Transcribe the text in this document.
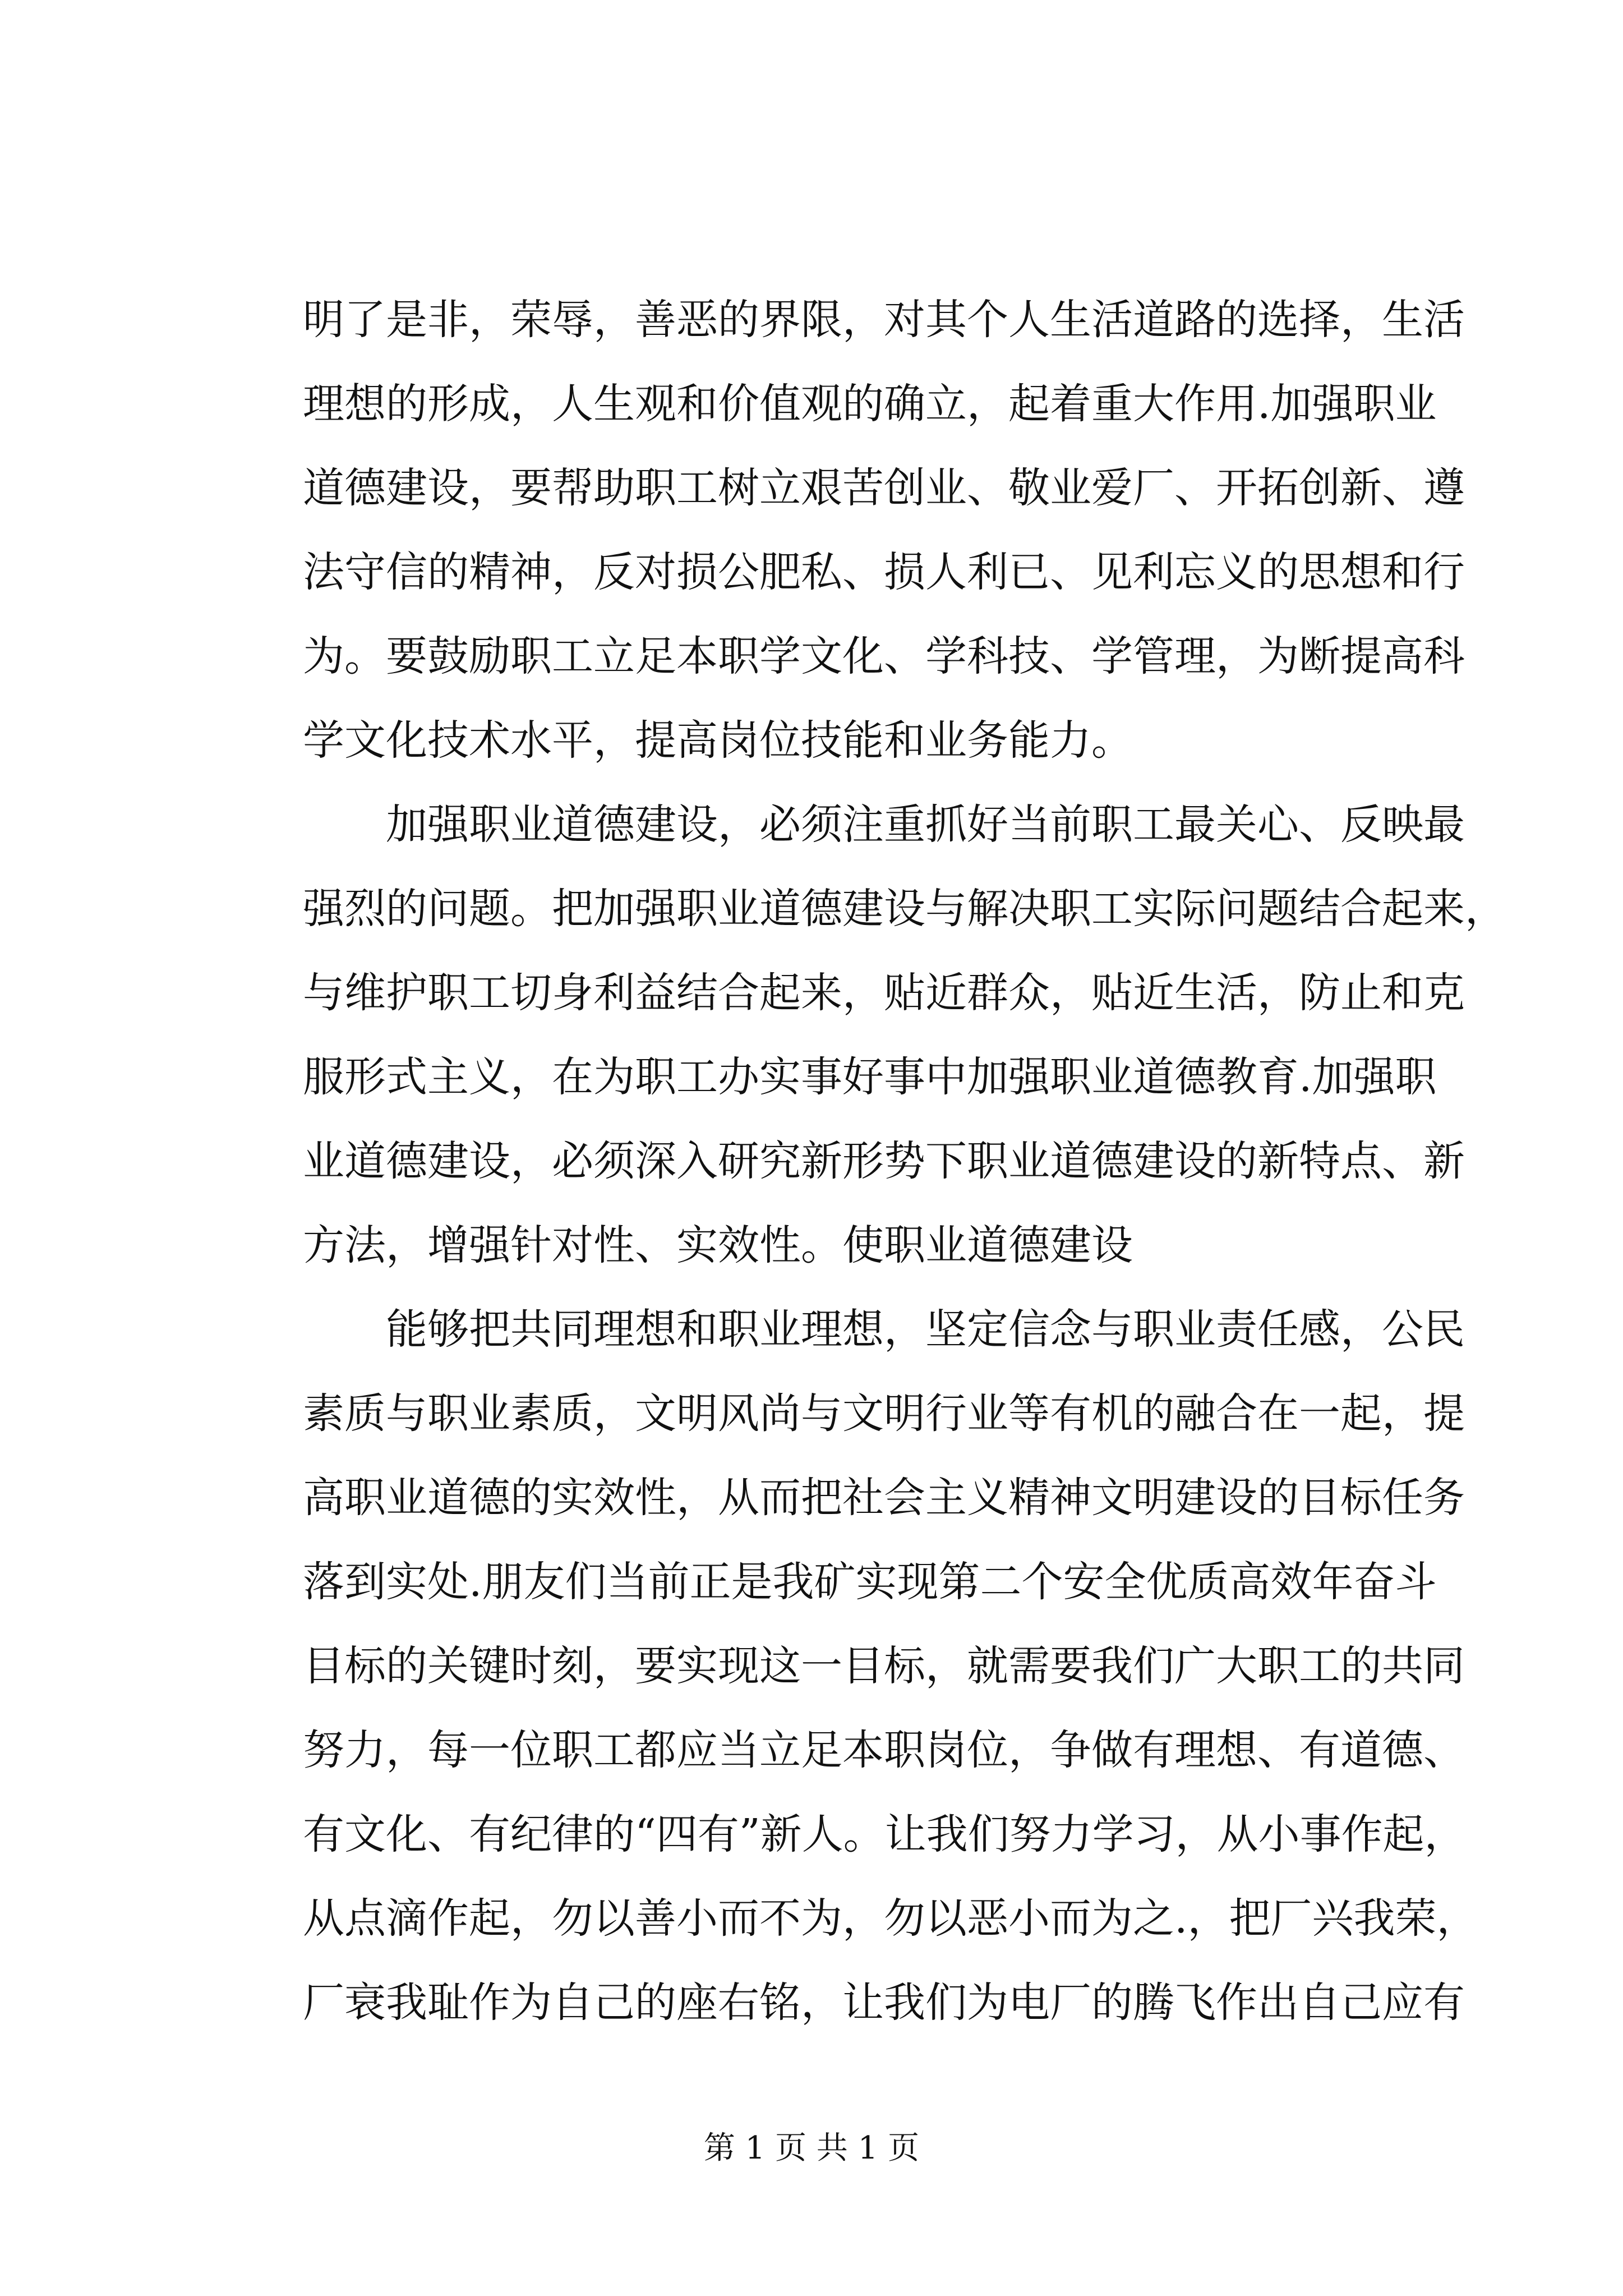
明了是非，荣辱，善恶的界限，对其个人生活道路的选择，生活
理想的形成，人生观和价值观的确立，起着重大作用.加强职业
道德建设，要帮助职工树立艰苦创业、敬业爱厂、开拓创新、遵
法守信的精神，反对损公肥私、损人利已、见利忘义的思想和行
为。要鼓励职工立足本职学文化、学科技、学管理，为断提高科
学文化技术水平，提高岗位技能和业务能力。
　　加强职业道德建设，必须注重抓好当前职工最关心、反映最
强烈的问题。把加强职业道德建设与解决职工实际问题结合起来，
与维护职工切身利益结合起来，贴近群众，贴近生活，防止和克
服形式主义，在为职工办实事好事中加强职业道德教育.加强职
业道德建设，必须深入研究新形势下职业道德建设的新特点、新
方法，增强针对性、实效性。使职业道德建设
　　能够把共同理想和职业理想，坚定信念与职业责任感，公民
素质与职业素质，文明风尚与文明行业等有机的融合在一起，提
高职业道德的实效性，从而把社会主义精神文明建设的目标任务
落到实处.朋友们当前正是我矿实现第二个安全优质高效年奋斗
目标的关键时刻，要实现这一目标，就需要我们广大职工的共同
努力，每一位职工都应当立足本职岗位，争做有理想、有道德、
有文化、有纪律的“四有”新人。让我们努力学习，从小事作起，
从点滴作起，勿以善小而不为，勿以恶小而为之.，把厂兴我荣，
厂衰我耻作为自己的座右铭，让我们为电厂的腾飞作出自己应有
第 1 页 共 1 页
